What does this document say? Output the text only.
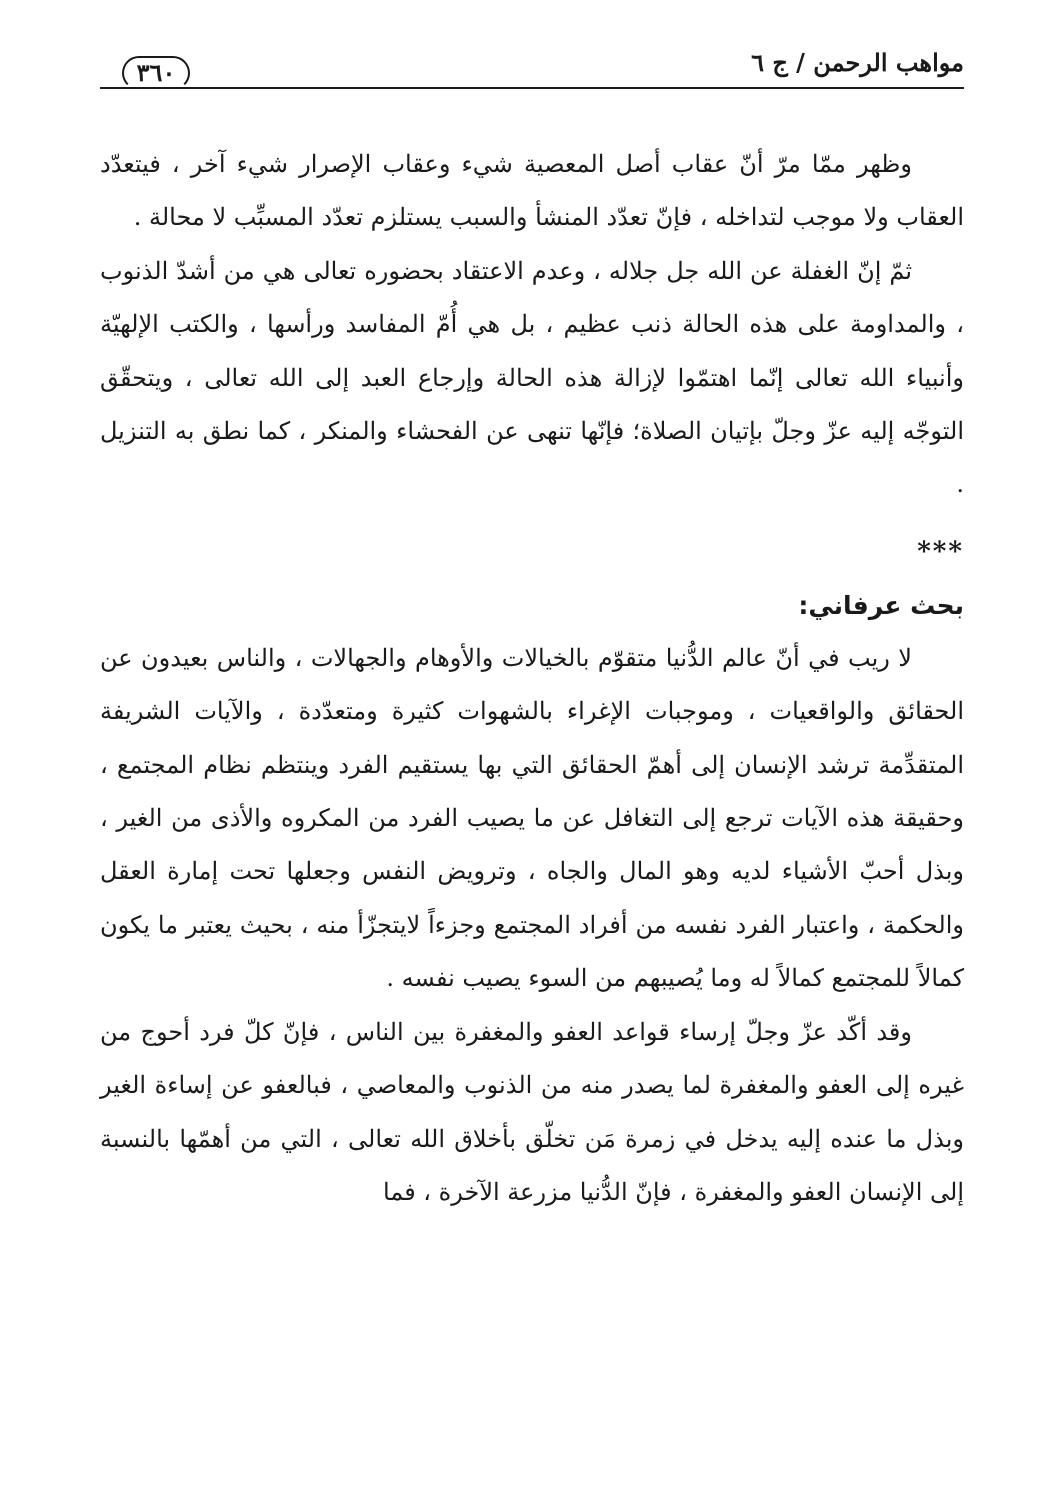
مواهب الرحمن / ج ٦
٣٦٠

وظهر ممّا مرّ أنّ عقاب أصل المعصية شيء وعقاب الإصرار شيء آخر ، فيتعدّد العقاب ولا موجب لتداخله ، فإنّ تعدّد المنشأ والسبب يستلزم تعدّد المسبِّب لا محالة .

ثمّ إنّ الغفلة عن الله جل جلاله ، وعدم الاعتقاد بحضوره تعالى هي من أشدّ الذنوب ، والمداومة على هذه الحالة ذنب عظيم ، بل هي أُمّ المفاسد ورأسها ، والكتب الإلهيّة وأنبياء الله تعالى إنّما اهتمّوا لإزالة هذه الحالة وإرجاع العبد إلى الله تعالى ، ويتحقّق التوجّه إليه عزّ وجلّ بإتيان الصلاة؛ فإنّها تنهى عن الفحشاء والمنكر ، كما نطق به التنزيل .

***
بحث عرفاني:

لا ريب في أنّ عالم الدُّنيا متقوّم بالخيالات والأوهام والجهالات ، والناس بعيدون عن الحقائق والواقعيات ، وموجبات الإغراء بالشهوات كثيرة ومتعدّدة ، والآيات الشريفة المتقدِّمة ترشد الإنسان إلى أهمّ الحقائق التي بها يستقيم الفرد وينتظم نظام المجتمع ، وحقيقة هذه الآيات ترجع إلى التغافل عن ما يصيب الفرد من المكروه والأذى من الغير ، وبذل أحبّ الأشياء لديه وهو المال والجاه ، وترويض النفس وجعلها تحت إمارة العقل والحكمة ، واعتبار الفرد نفسه من أفراد المجتمع وجزءاً لايتجزّأ منه ، بحيث يعتبر ما يكون كمالاً للمجتمع كمالاً له وما يُصيبهم من السوء يصيب نفسه .

وقد أكّد عزّ وجلّ إرساء قواعد العفو والمغفرة بين الناس ، فإنّ كلّ فرد أحوج من غيره إلى العفو والمغفرة لما يصدر منه من الذنوب والمعاصي ، فبالعفو عن إساءة الغير وبذل ما عنده إليه يدخل في زمرة مَن تخلّق بأخلاق الله تعالى ، التي من أهمّها بالنسبة إلى الإنسان العفو والمغفرة ، فإنّ الدُّنيا مزرعة الآخرة ، فما
